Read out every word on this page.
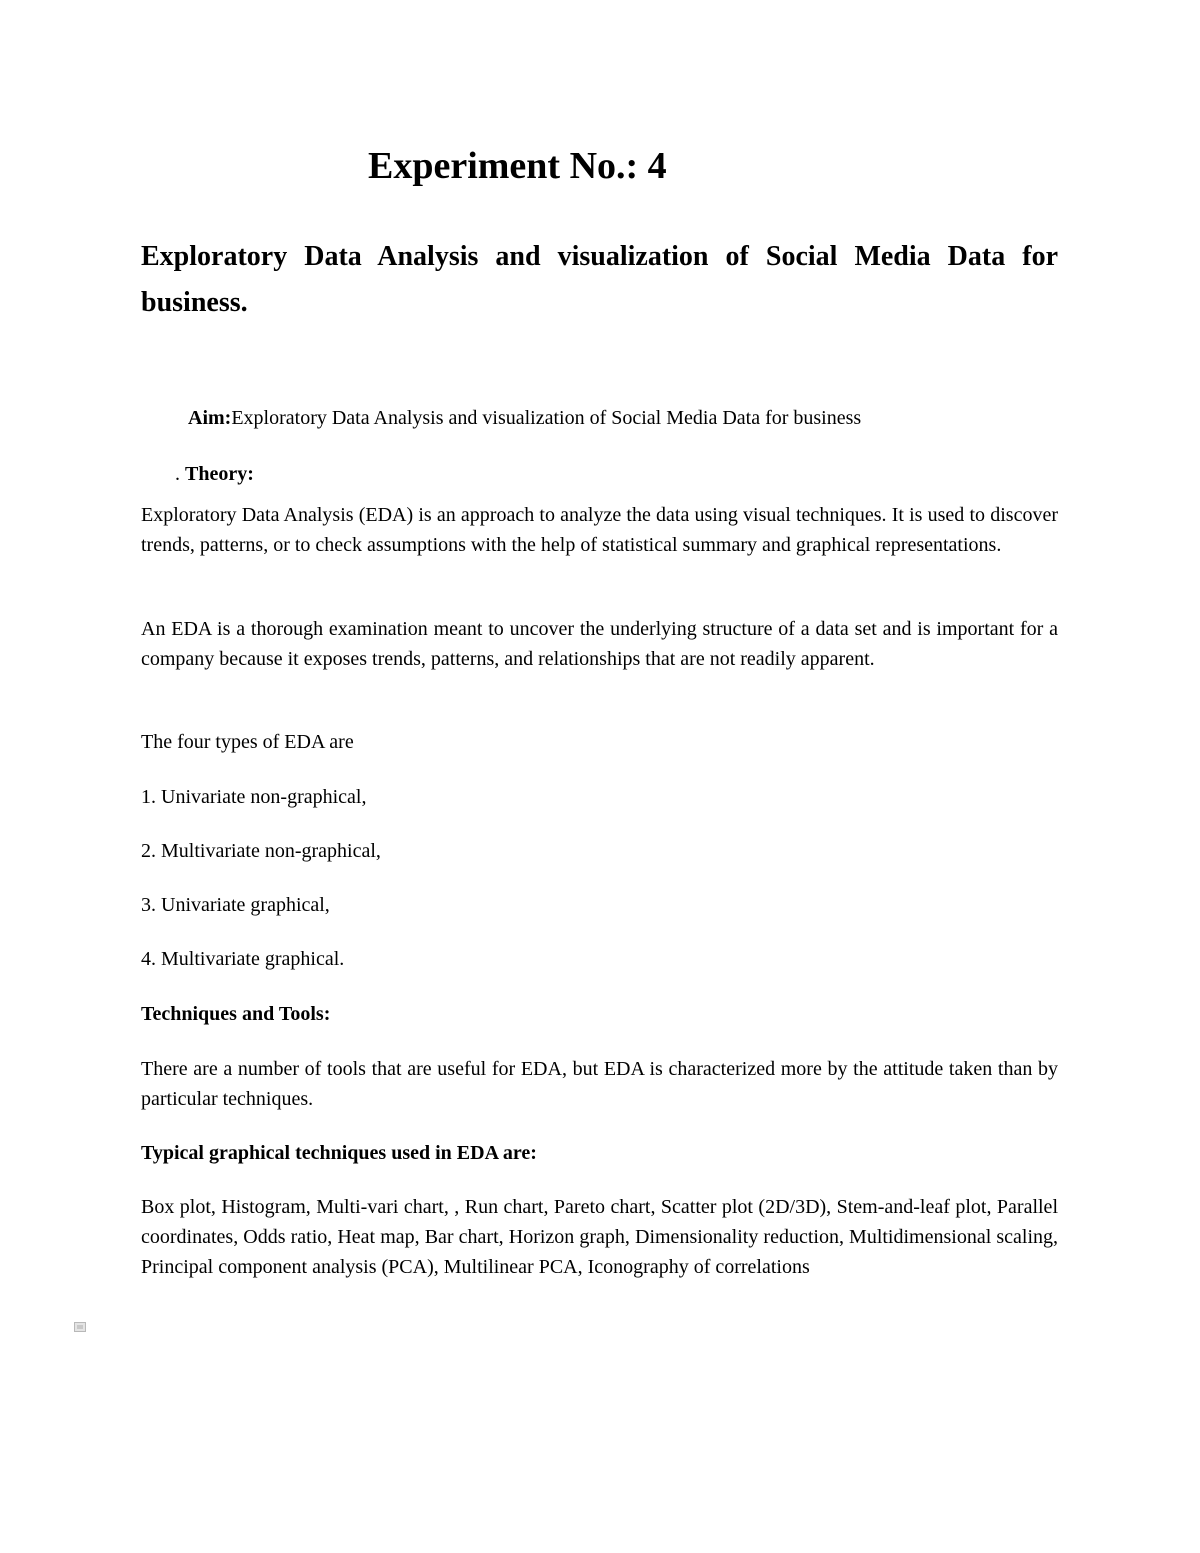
Experiment No.: 4
Exploratory Data Analysis and visualization of Social Media Data for business.

Aim:Exploratory Data Analysis and visualization of Social Media Data for business

. Theory:

Exploratory Data Analysis (EDA) is an approach to analyze the data using visual techniques. It is used to discover trends, patterns, or to check assumptions with the help of statistical summary and graphical representations.

An EDA is a thorough examination meant to uncover the underlying structure of a data set and is important for a company because it exposes trends, patterns, and relationships that are not readily apparent.

The four types of EDA are

1. Univariate non-graphical,

2. Multivariate non-graphical,

3. Univariate graphical,

4. Multivariate graphical.

Techniques and Tools:

There are a number of tools that are useful for EDA, but EDA is characterized more by the attitude taken than by particular techniques.

Typical graphical techniques used in EDA are:

Box plot, Histogram, Multi-vari chart, , Run chart, Pareto chart, Scatter plot (2D/3D), Stem-and-leaf plot, Parallel coordinates, Odds ratio, Heat map, Bar chart, Horizon graph, Dimensionality reduction, Multidimensional scaling, Principal component analysis (PCA), Multilinear PCA, Iconography of correlations
